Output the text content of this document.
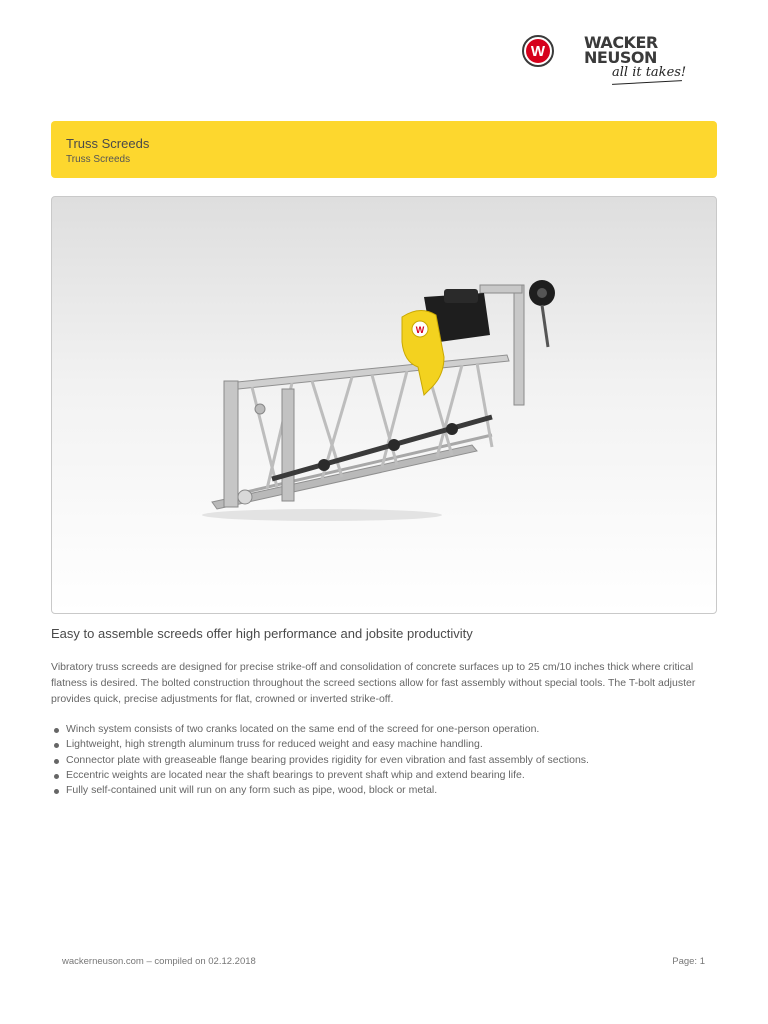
W	WACKER
NEUSON
all it takes!
Truss Screeds
Truss Screeds
W
Easy to assemble screeds offer high performance and jobsite productivity

Vibratory truss screeds are designed for precise strike-off and consolidation of concrete surfaces up to 25 cm/10 inches thick where critical flatness is desired. The bolted construction throughout the screed sections allow for fast assembly without special tools. The T-bolt adjuster provides quick, precise adjustments for flat, crowned or inverted strike-off.

Winch system consists of two cranks located on the same end of the screed for one-person operation.
Lightweight, high strength aluminum truss for reduced weight and easy machine handling.
Connector plate with greaseable flange bearing provides rigidity for even vibration and fast assembly of sections.
Eccentric weights are located near the shaft bearings to prevent shaft whip and extend bearing life.
Fully self-contained unit will run on any form such as pipe, wood, block or metal.
wackerneuson.com – compiled on 02.12.2018	Page: 1
